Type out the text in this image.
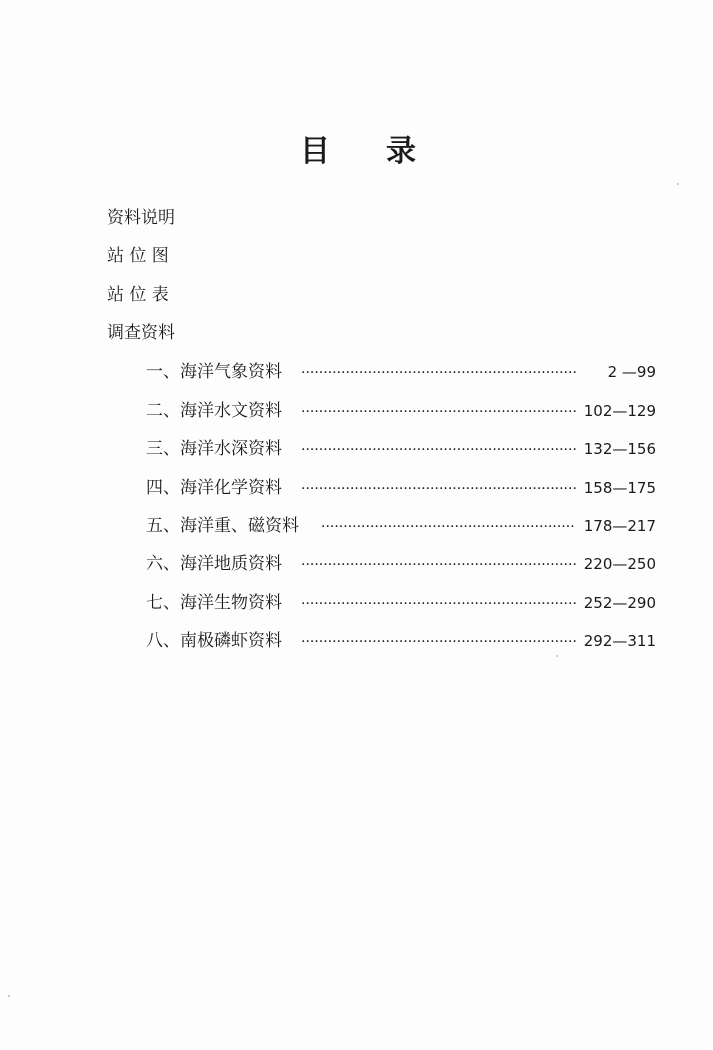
目 录
资料说明
站 位 图
站 位 表
调查资料
一、海洋气象资料 ·····	2 —99
二、海洋水文资料 ·····	102—129
三、海洋水深资料 ·····	132—156
四、海洋化学资料 ·····	158—175
五、海洋重、磁资料 ·····	178—217
六、海洋地质资料 ·····	220—250
七、海洋生物资料 ·····	252—290
八、南极磷虾资料 ·····	292—311
